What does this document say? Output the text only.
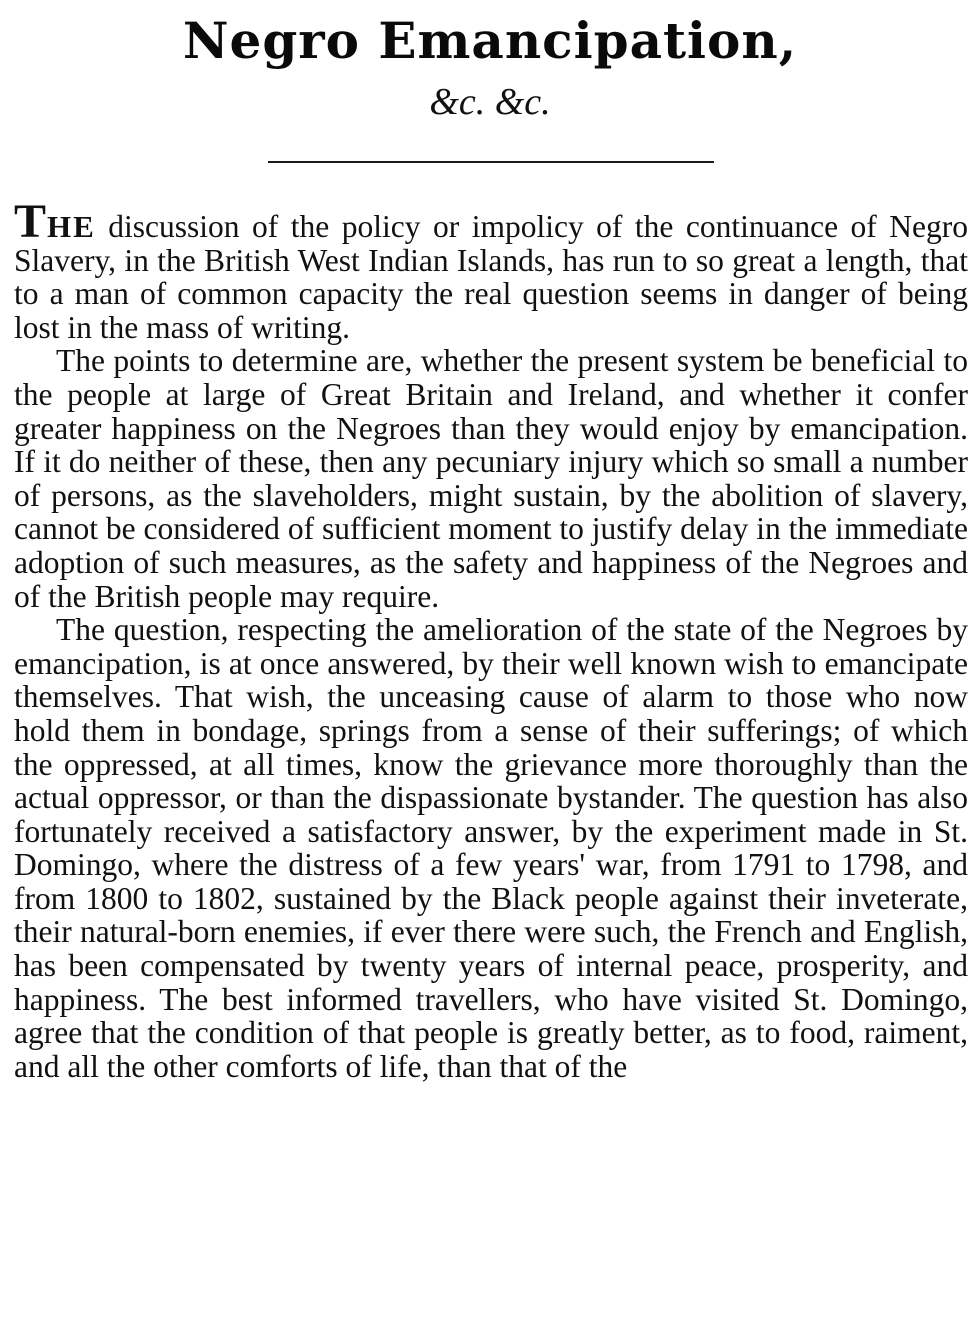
Negro Emancipation,
&c. &c.

THE discussion of the policy or impolicy of the continuance of Negro Slavery, in the British West Indian Islands, has run to so great a length, that to a man of common capacity the real question seems in danger of being lost in the mass of writing.

The points to determine are, whether the present system be beneficial to the people at large of Great Britain and Ireland, and whether it confer greater happiness on the Negroes than they would enjoy by emancipation. If it do neither of these, then any pecuniary injury which so small a number of persons, as the slaveholders, might sustain, by the abolition of slavery, cannot be considered of sufficient moment to justify delay in the immediate adoption of such measures, as the safety and happiness of the Negroes and of the British people may require.

The question, respecting the amelioration of the state of the Negroes by emancipation, is at once answered, by their well known wish to emancipate themselves. That wish, the unceasing cause of alarm to those who now hold them in bondage, springs from a sense of their sufferings; of which the oppressed, at all times, know the grievance more thoroughly than the actual oppressor, or than the dispassionate bystander. The question has also fortunately received a satisfactory answer, by the experiment made in St. Domingo, where the distress of a few years' war, from 1791 to 1798, and from 1800 to 1802, sustained by the Black people against their inveterate, their natural-born enemies, if ever there were such, the French and English, has been compensated by twenty years of internal peace, prosperity, and happiness. The best informed travellers, who have visited St. Domingo, agree that the condition of that people is greatly better, as to food, raiment, and all the other comforts of life, than that of the
